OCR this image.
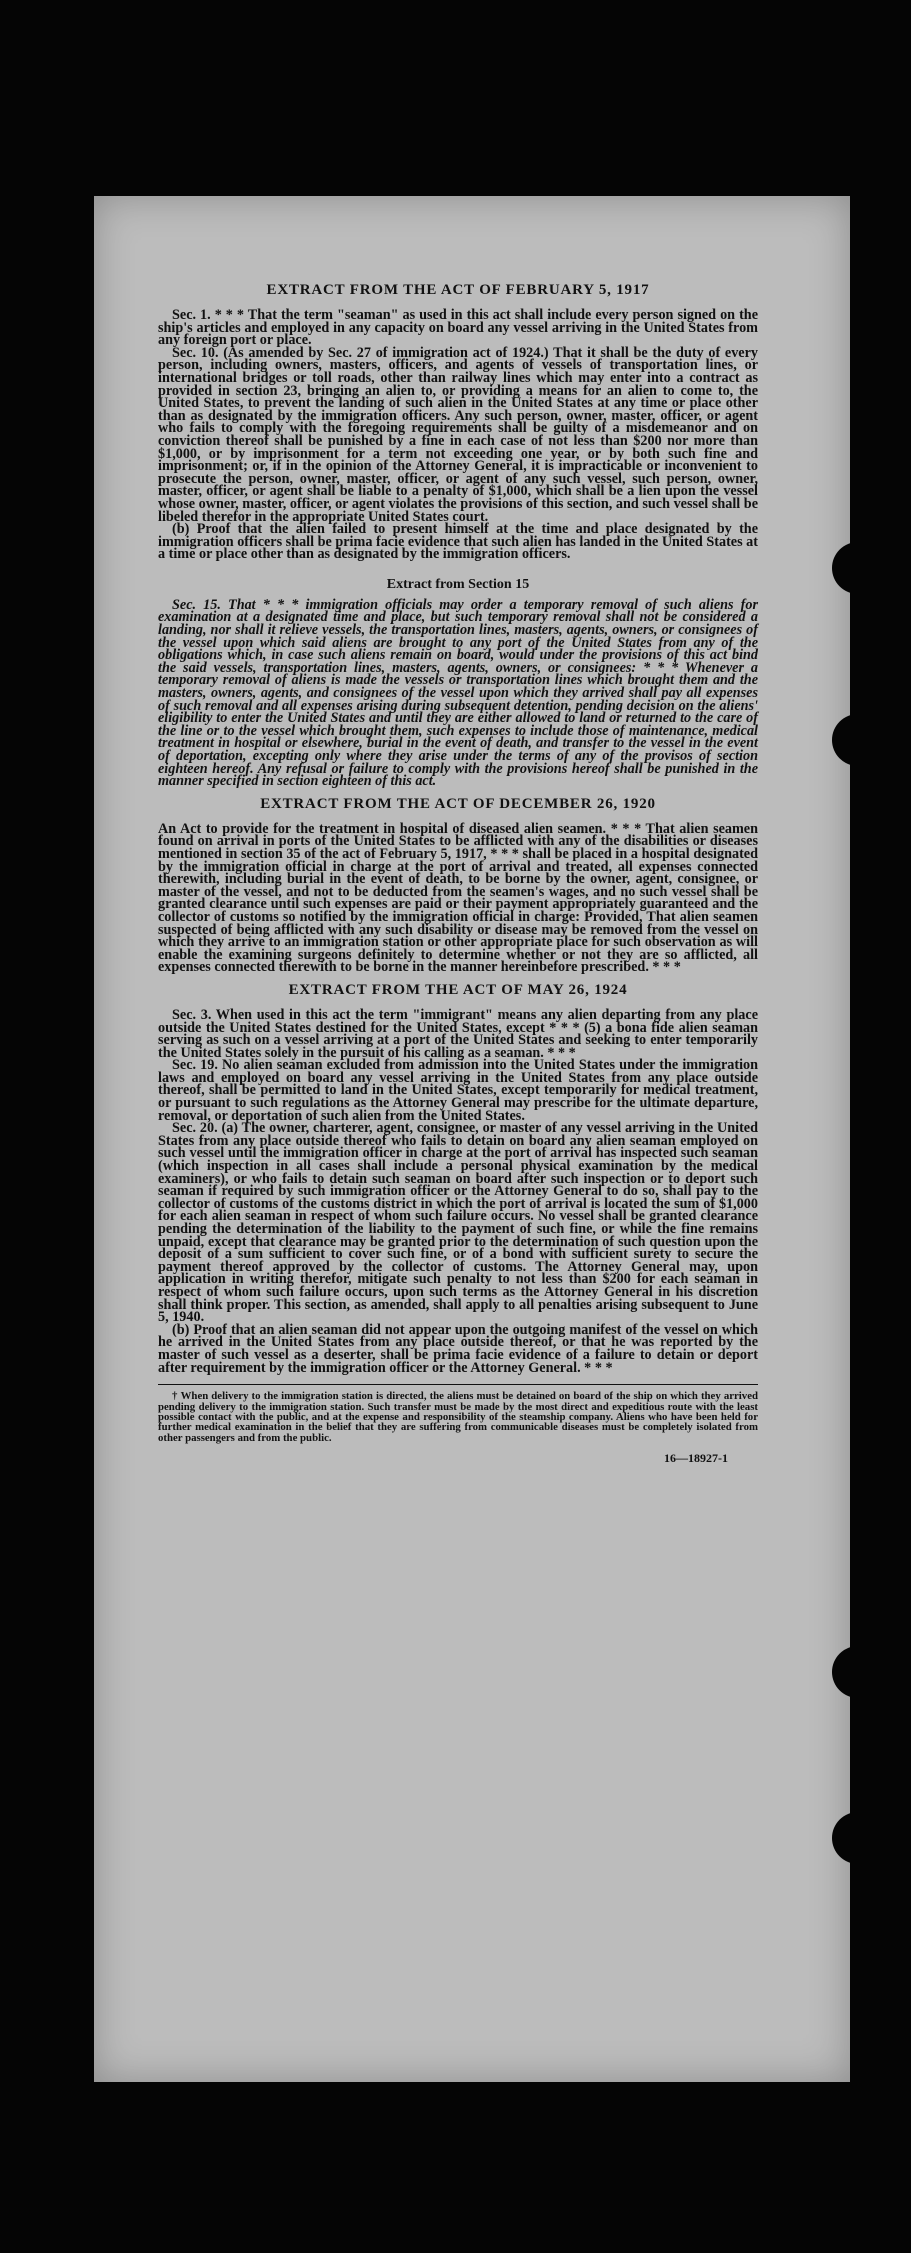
EXTRACT FROM THE ACT OF FEBRUARY 5, 1917

Sec. 1. * * * That the term "seaman" as used in this act shall include every person signed on the ship's articles and employed in any capacity on board any vessel arriving in the United States from any foreign port or place.

Sec. 10. (As amended by Sec. 27 of immigration act of 1924.) That it shall be the duty of every person, including owners, masters, officers, and agents of vessels of transportation lines, or international bridges or toll roads, other than railway lines which may enter into a contract as provided in section 23, bringing an alien to, or providing a means for an alien to come to, the United States, to prevent the landing of such alien in the United States at any time or place other than as designated by the immigration officers. Any such person, owner, master, officer, or agent who fails to comply with the foregoing requirements shall be guilty of a misdemeanor and on conviction thereof shall be punished by a fine in each case of not less than $200 nor more than $1,000, or by imprisonment for a term not exceeding one year, or by both such fine and imprisonment; or, if in the opinion of the Attorney General, it is impracticable or inconvenient to prosecute the person, owner, master, officer, or agent of any such vessel, such person, owner, master, officer, or agent shall be liable to a penalty of $1,000, which shall be a lien upon the vessel whose owner, master, officer, or agent violates the provisions of this section, and such vessel shall be libeled therefor in the appropriate United States court.

(b) Proof that the alien failed to present himself at the time and place designated by the immigration officers shall be prima facie evidence that such alien has landed in the United States at a time or place other than as designated by the immigration officers.

Extract from Section 15

Sec. 15. That * * * immigration officials may order a temporary removal of such aliens for examination at a designated time and place, but such temporary removal shall not be considered a landing, nor shall it relieve vessels, the transportation lines, masters, agents, owners, or consignees of the vessel upon which said aliens are brought to any port of the United States from any of the obligations which, in case such aliens remain on board, would under the provisions of this act bind the said vessels, transportation lines, masters, agents, owners, or consignees: * * * Whenever a temporary removal of aliens is made the vessels or transportation lines which brought them and the masters, owners, agents, and consignees of the vessel upon which they arrived shall pay all expenses of such removal and all expenses arising during subsequent detention, pending decision on the aliens' eligibility to enter the United States and until they are either allowed to land or returned to the care of the line or to the vessel which brought them, such expenses to include those of maintenance, medical treatment in hospital or elsewhere, burial in the event of death, and transfer to the vessel in the event of deportation, excepting only where they arise under the terms of any of the provisos of section eighteen hereof. Any refusal or failure to comply with the provisions hereof shall be punished in the manner specified in section eighteen of this act.

EXTRACT FROM THE ACT OF DECEMBER 26, 1920

An Act to provide for the treatment in hospital of diseased alien seamen. * * * That alien seamen found on arrival in ports of the United States to be afflicted with any of the disabilities or diseases mentioned in section 35 of the act of February 5, 1917, * * * shall be placed in a hospital designated by the immigration official in charge at the port of arrival and treated, all expenses connected therewith, including burial in the event of death, to be borne by the owner, agent, consignee, or master of the vessel, and not to be deducted from the seamen's wages, and no such vessel shall be granted clearance until such expenses are paid or their payment appropriately guaranteed and the collector of customs so notified by the immigration official in charge: Provided, That alien seamen suspected of being afflicted with any such disability or disease may be removed from the vessel on which they arrive to an immigration station or other appropriate place for such observation as will enable the examining surgeons definitely to determine whether or not they are so afflicted, all expenses connected therewith to be borne in the manner hereinbefore prescribed. * * *

EXTRACT FROM THE ACT OF MAY 26, 1924

Sec. 3. When used in this act the term "immigrant" means any alien departing from any place outside the United States destined for the United States, except * * * (5) a bona fide alien seaman serving as such on a vessel arriving at a port of the United States and seeking to enter temporarily the United States solely in the pursuit of his calling as a seaman. * * *

Sec. 19. No alien seaman excluded from admission into the United States under the immigration laws and employed on board any vessel arriving in the United States from any place outside thereof, shall be permitted to land in the United States, except temporarily for medical treatment, or pursuant to such regulations as the Attorney General may prescribe for the ultimate departure, removal, or deportation of such alien from the United States.

Sec. 20. (a) The owner, charterer, agent, consignee, or master of any vessel arriving in the United States from any place outside thereof who fails to detain on board any alien seaman employed on such vessel until the immigration officer in charge at the port of arrival has inspected such seaman (which inspection in all cases shall include a personal physical examination by the medical examiners), or who fails to detain such seaman on board after such inspection or to deport such seaman if required by such immigration officer or the Attorney General to do so, shall pay to the collector of customs of the customs district in which the port of arrival is located the sum of $1,000 for each alien seaman in respect of whom such failure occurs. No vessel shall be granted clearance pending the determination of the liability to the payment of such fine, or while the fine remains unpaid, except that clearance may be granted prior to the determination of such question upon the deposit of a sum sufficient to cover such fine, or of a bond with sufficient surety to secure the payment thereof approved by the collector of customs. The Attorney General may, upon application in writing therefor, mitigate such penalty to not less than $200 for each seaman in respect of whom such failure occurs, upon such terms as the Attorney General in his discretion shall think proper. This section, as amended, shall apply to all penalties arising subsequent to June 5, 1940.

(b) Proof that an alien seaman did not appear upon the outgoing manifest of the vessel on which he arrived in the United States from any place outside thereof, or that he was reported by the master of such vessel as a deserter, shall be prima facie evidence of a failure to detain or deport after requirement by the immigration officer or the Attorney General. * * *

† When delivery to the immigration station is directed, the aliens must be detained on board of the ship on which they arrived pending delivery to the immigration station. Such transfer must be made by the most direct and expeditious route with the least possible contact with the public, and at the expense and responsibility of the steamship company. Aliens who have been held for further medical examination in the belief that they are suffering from communicable diseases must be completely isolated from other passengers and from the public.

16—18927-1
